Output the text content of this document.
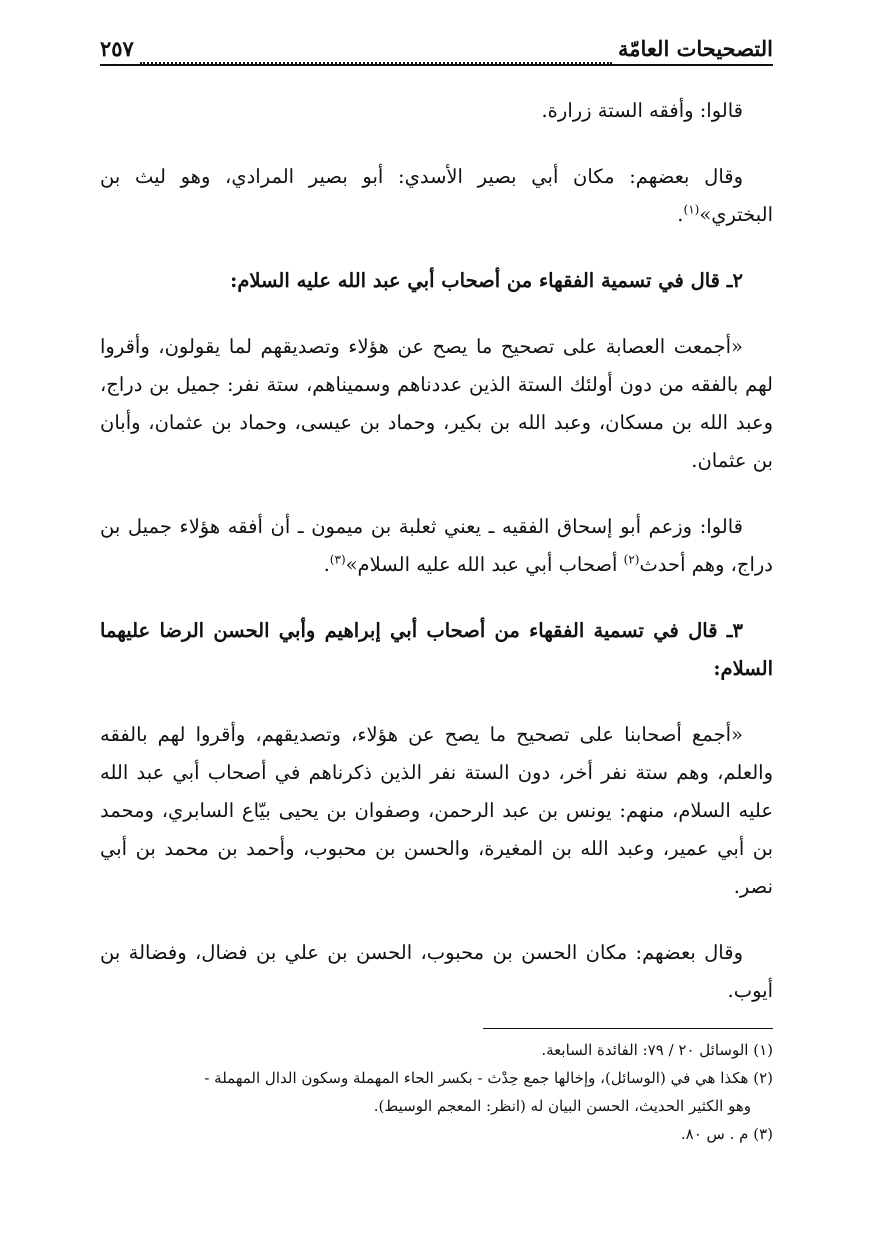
التصحيحات العامّة
٢٥٧

قالوا: وأفقه الستة زرارة.

وقال بعضهم: مكان أبي بصير الأسدي: أبو بصير المرادي، وهو ليث بن البختري»$^{(١)}$.

٢ـ قال في تسمية الفقهاء من أصحاب أبي عبد الله عليه السلام:

«أجمعت العصابة على تصحيح ما يصح عن هؤلاء وتصديقهم لما يقولون، وأقروا لهم بالفقه من دون أولئك الستة الذين عددناهم وسميناهم، ستة نفر: جميل بن دراج، وعبد الله بن مسكان، وعبد الله بن بكير، وحماد بن عيسى، وحماد بن عثمان، وأبان بن عثمان.

قالوا: وزعم أبو إسحاق الفقيه ـ يعني ثعلبة بن ميمون ـ أن أفقه هؤلاء جميل بن دراج، وهم أحدث$^{(٢)}$ أصحاب أبي عبد الله عليه السلام»$^{(٣)}$.

٣ـ قال في تسمية الفقهاء من أصحاب أبي إبراهيم وأبي الحسن الرضا عليهما السلام:

«أجمع أصحابنا على تصحيح ما يصح عن هؤلاء، وتصديقهم، وأقروا لهم بالفقه والعلم، وهم ستة نفر أخر، دون الستة نفر الذين ذكرناهم في أصحاب أبي عبد الله عليه السلام، منهم: يونس بن عبد الرحمن، وصفوان بن يحيى بيّاع السابري، ومحمد بن أبي عمير، وعبد الله بن المغيرة، والحسن بن محبوب، وأحمد بن محمد بن أبي نصر.

وقال بعضهم: مكان الحسن بن محبوب، الحسن بن علي بن فضال، وفضالة بن أيوب.

(١) الوسائل ٢٠ / ٧٩: الفائدة السابعة.

(٢) هكذا هي في (الوسائل)، وإخالها جمع حِدْث - بكسر الحاء المهملة وسكون الدال المهملة -

وهو الكثير الحديث، الحسن البيان له (انظر: المعجم الوسيط).

(٣) م . س ٨٠.
